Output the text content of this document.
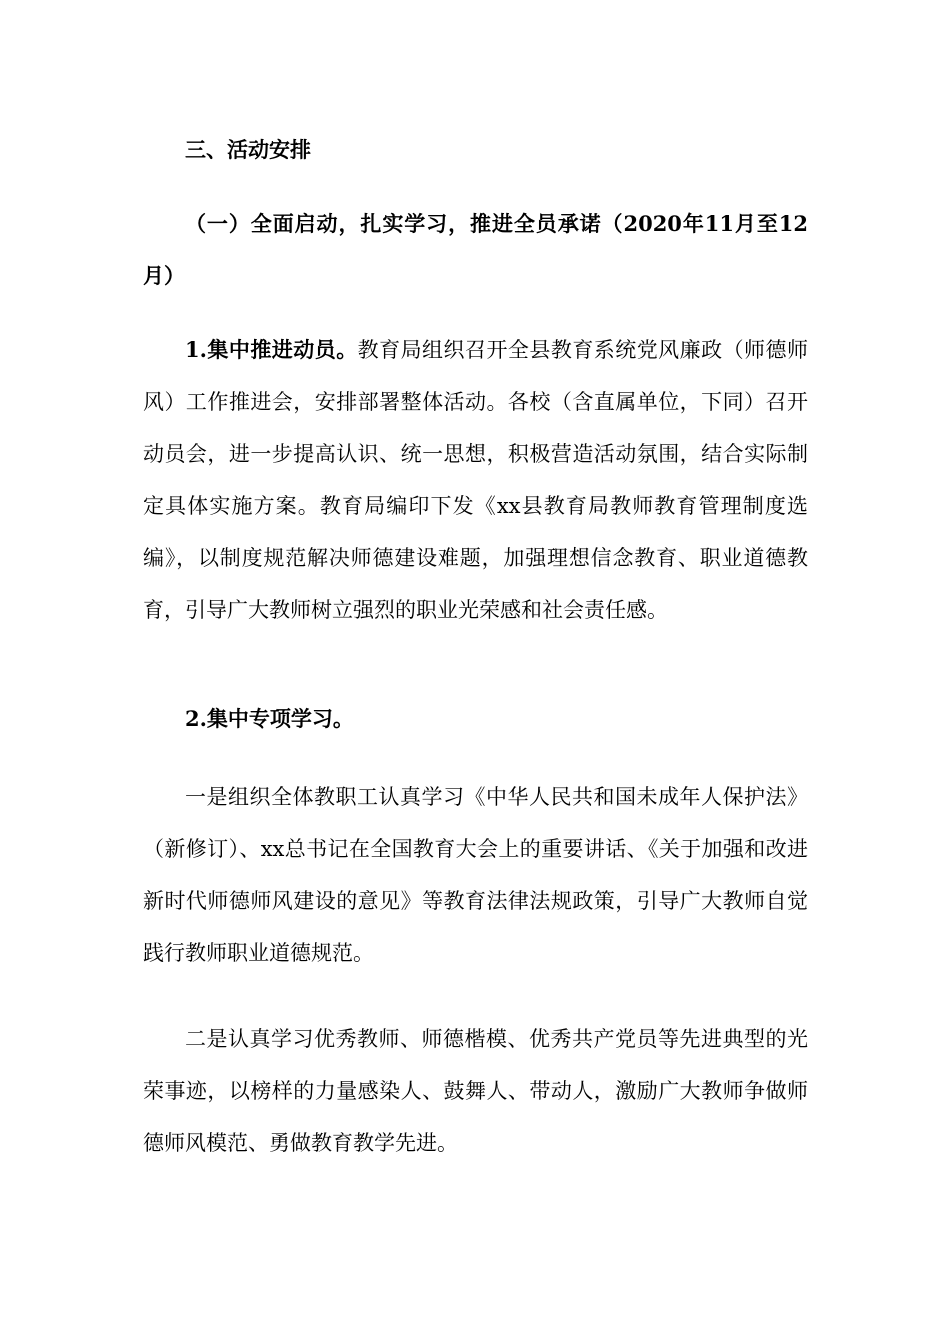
三、活动安排

（一）全面启动，扎实学习，推进全员承诺（2020年11月至12月）

1.集中推进动员。教育局组织召开全县教育系统党风廉政（师德师风）工作推进会，安排部署整体活动。各校（含直属单位，下同）召开动员会，进一步提高认识、统一思想，积极营造活动氛围，结合实际制定具体实施方案。教育局编印下发《xx县教育局教师教育管理制度选编》，以制度规范解决师德建设难题，加强理想信念教育、职业道德教育，引导广大教师树立强烈的职业光荣感和社会责任感。

2.集中专项学习。

一是组织全体教职工认真学习《中华人民共和国未成年人保护法》（新修订）、xx总书记在全国教育大会上的重要讲话、《关于加强和改进新时代师德师风建设的意见》等教育法律法规政策，引导广大教师自觉践行教师职业道德规范。

二是认真学习优秀教师、师德楷模、优秀共产党员等先进典型的光荣事迹，以榜样的力量感染人、鼓舞人、带动人，激励广大教师争做师德师风模范、勇做教育教学先进。
